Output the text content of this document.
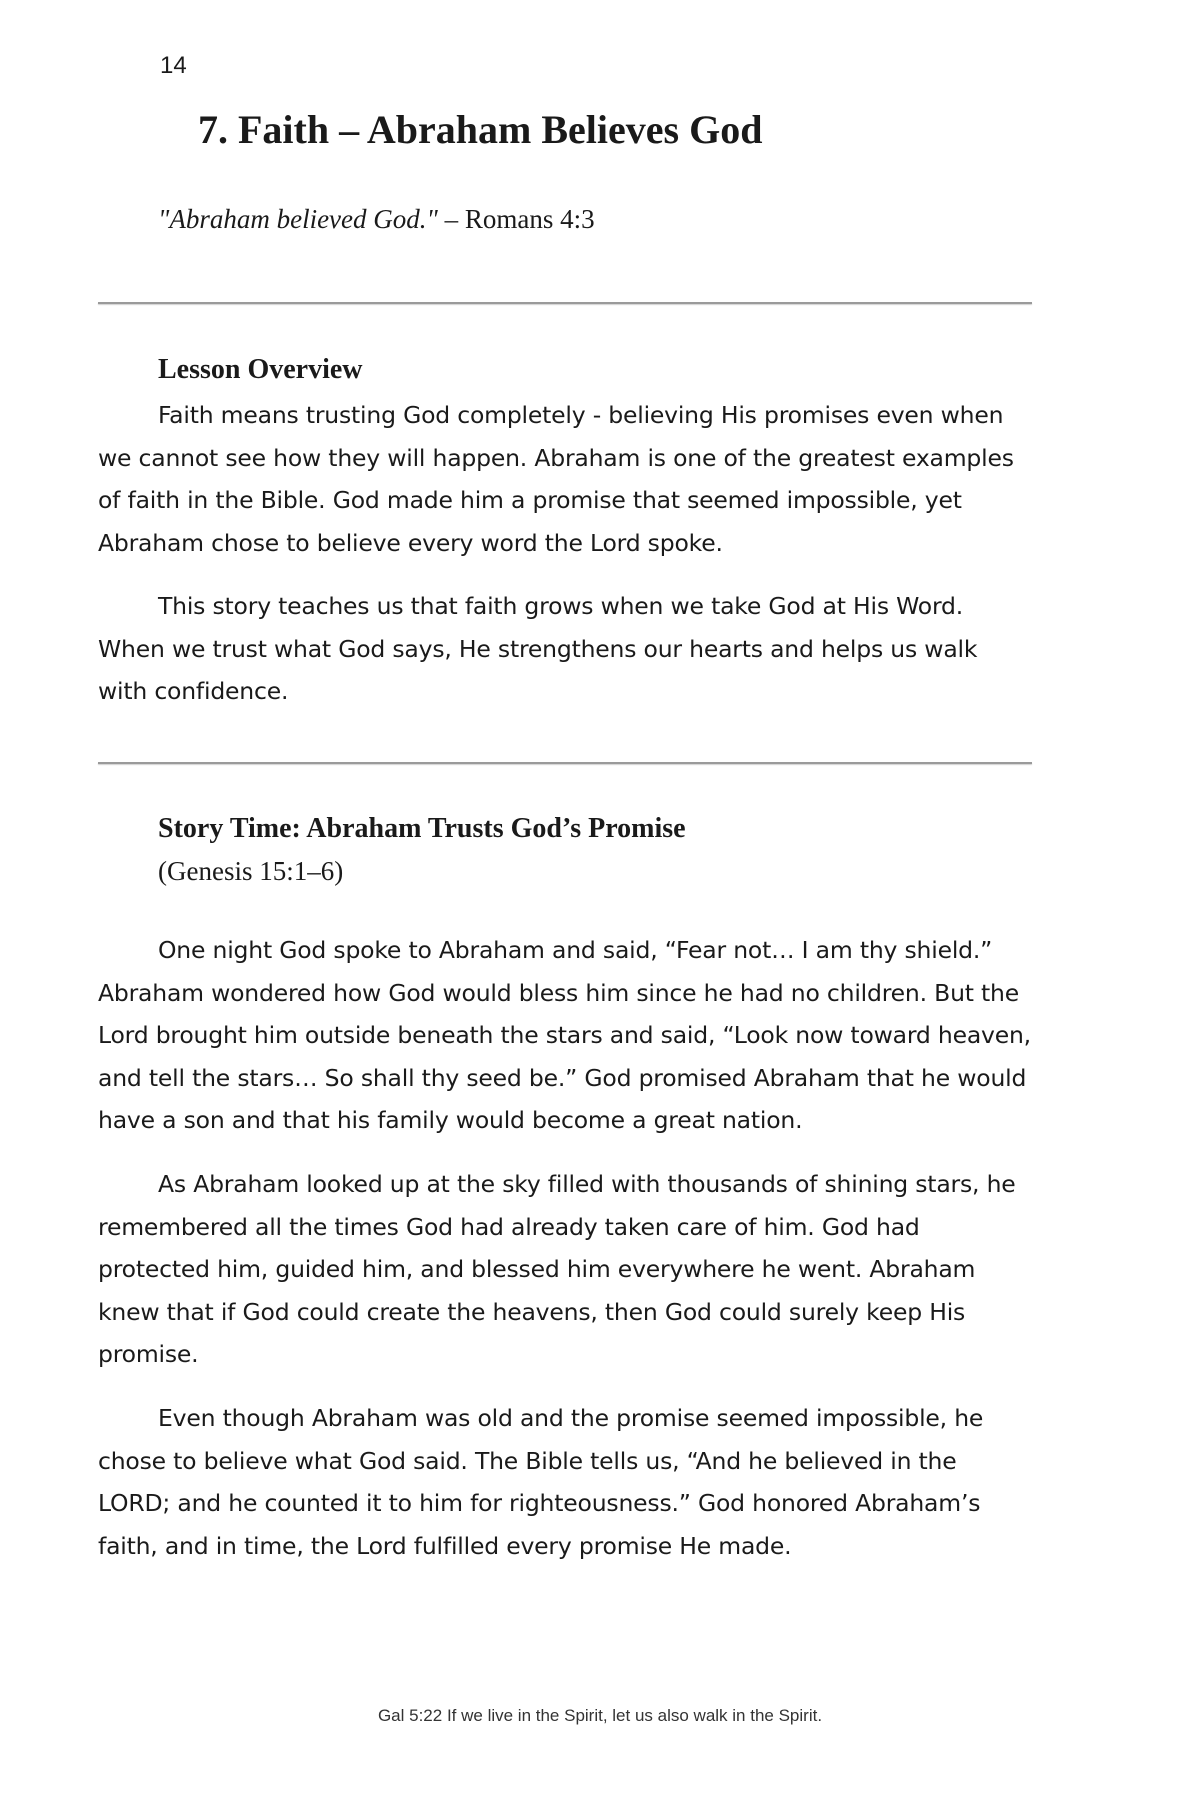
14
7. Faith – Abraham Believes God
"Abraham believed God." – Romans 4:3
Lesson Overview

Faith means trusting God completely - believing His promises even when we cannot see how they will happen. Abraham is one of the greatest examples of faith in the Bible. God made him a promise that seemed impossible, yet Abraham chose to believe every word the Lord spoke.

This story teaches us that faith grows when we take God at His Word. When we trust what God says, He strengthens our hearts and helps us walk with confidence.

Story Time: Abraham Trusts God’s Promise
(Genesis 15:1–6)

One night God spoke to Abraham and said, “Fear not… I am thy shield.” Abraham wondered how God would bless him since he had no children. But the Lord brought him outside beneath the stars and said, “Look now toward heaven, and tell the stars… So shall thy seed be.” God promised Abraham that he would have a son and that his family would become a great nation.

As Abraham looked up at the sky filled with thousands of shining stars, he remembered all the times God had already taken care of him. God had protected him, guided him, and blessed him everywhere he went. Abraham knew that if God could create the heavens, then God could surely keep His promise.

Even though Abraham was old and the promise seemed impossible, he chose to believe what God said. The Bible tells us, “And he believed in the LORD; and he counted it to him for righteousness.” God honored Abraham’s faith, and in time, the Lord fulfilled every promise He made.

Gal 5:22 If we live in the Spirit, let us also walk in the Spirit.
